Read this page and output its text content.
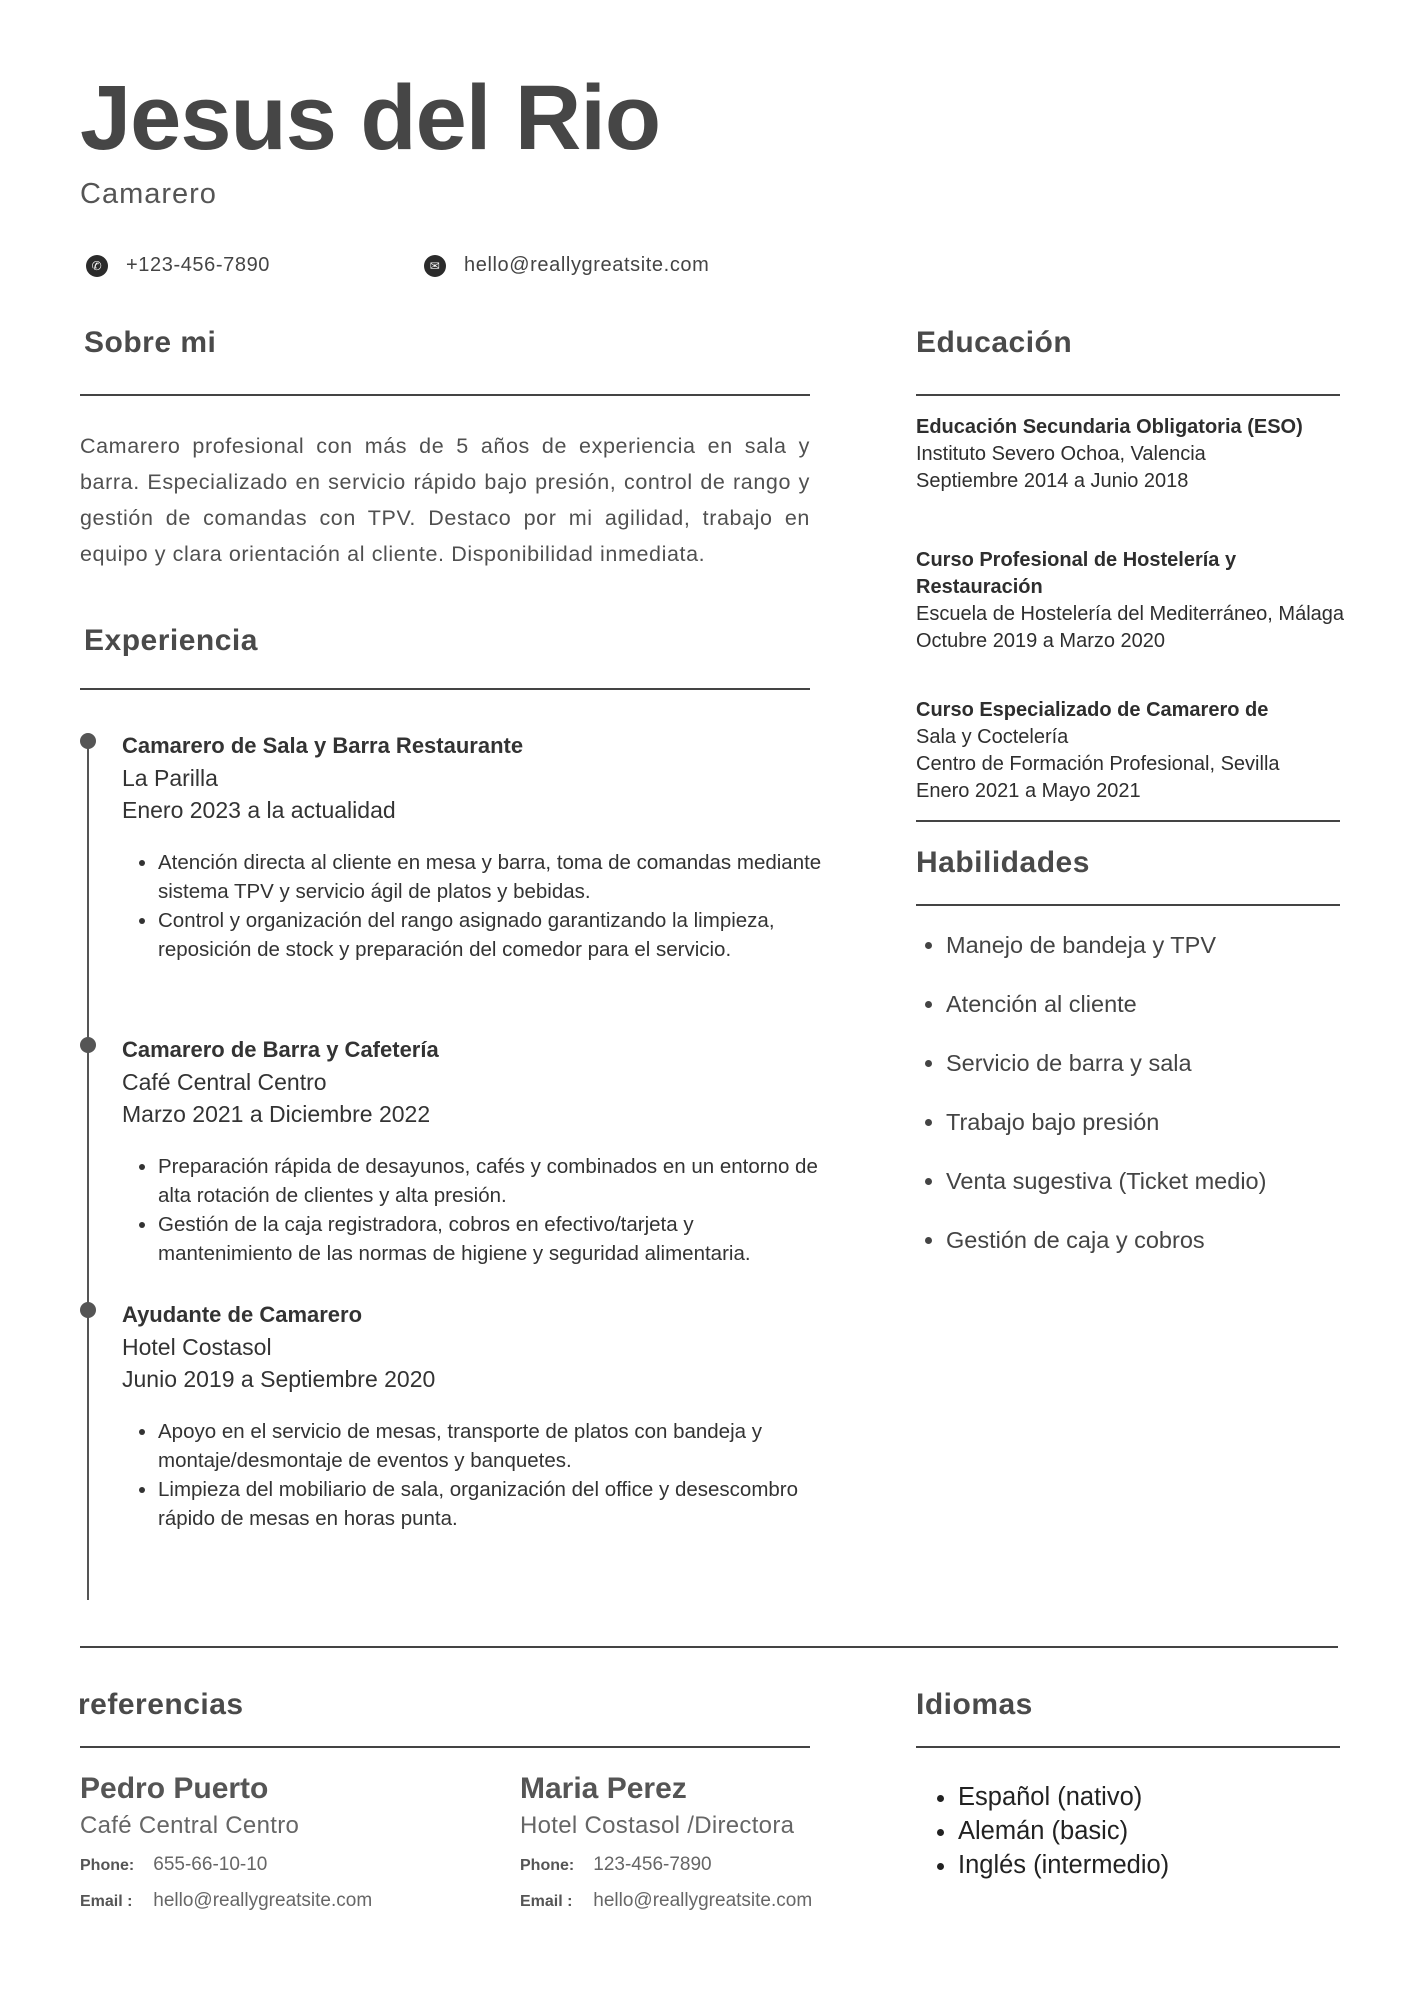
Jesus del Rio
Camarero
✆ +123-456-7890	✉ hello@reallygreatsite.com
Sobre mi
Camarero profesional con más de 5 años de experiencia en sala y barra. Especializado en servicio rápido bajo presión, control de rango y gestión de comandas con TPV. Destaco por mi agilidad, trabajo en equipo y clara orientación al cliente. Disponibilidad inmediata.
Experiencia
Camarero de Sala y Barra Restaurante
La Parilla
Enero 2023 a la actualidad
• Atención directa al cliente en mesa y barra, toma de comandas mediante sistema TPV y servicio ágil de platos y bebidas.
• Control y organización del rango asignado garantizando la limpieza, reposición de stock y preparación del comedor para el servicio.
Camarero de Barra y Cafetería
Café Central Centro
Marzo 2021 a Diciembre 2022
• Preparación rápida de desayunos, cafés y combinados en un entorno de alta rotación de clientes y alta presión.
• Gestión de la caja registradora, cobros en efectivo/tarjeta y mantenimiento de las normas de higiene y seguridad alimentaria.
Ayudante de Camarero
Hotel Costasol
Junio 2019 a Septiembre 2020
• Apoyo en el servicio de mesas, transporte de platos con bandeja y montaje/desmontaje de eventos y banquetes.
• Limpieza del mobiliario de sala, organización del office y desescombro rápido de mesas en horas punta.
Educación
Educación Secundaria Obligatoria (ESO)
Instituto Severo Ochoa, Valencia
Septiembre 2014 a Junio 2018
Curso Profesional de Hostelería y Restauración
Escuela de Hostelería del Mediterráneo, Málaga
Octubre 2019 a Marzo 2020
Curso Especializado de Camarero de
Sala y Coctelería
Centro de Formación Profesional, Sevilla
Enero 2021 a Mayo 2021
Habilidades
• Manejo de bandeja y TPV
• Atención al cliente
• Servicio de barra y sala
• Trabajo bajo presión
• Venta sugestiva (Ticket medio)
• Gestión de caja y cobros
referencias
Pedro Puerto
Café Central Centro
Phone: 655-66-10-10
Email : hello@reallygreatsite.com
Maria Perez
Hotel Costasol /Directora
Phone: 123-456-7890
Email : hello@reallygreatsite.com
Idiomas
• Español (nativo)
• Alemán (basic)
• Inglés (intermedio)
